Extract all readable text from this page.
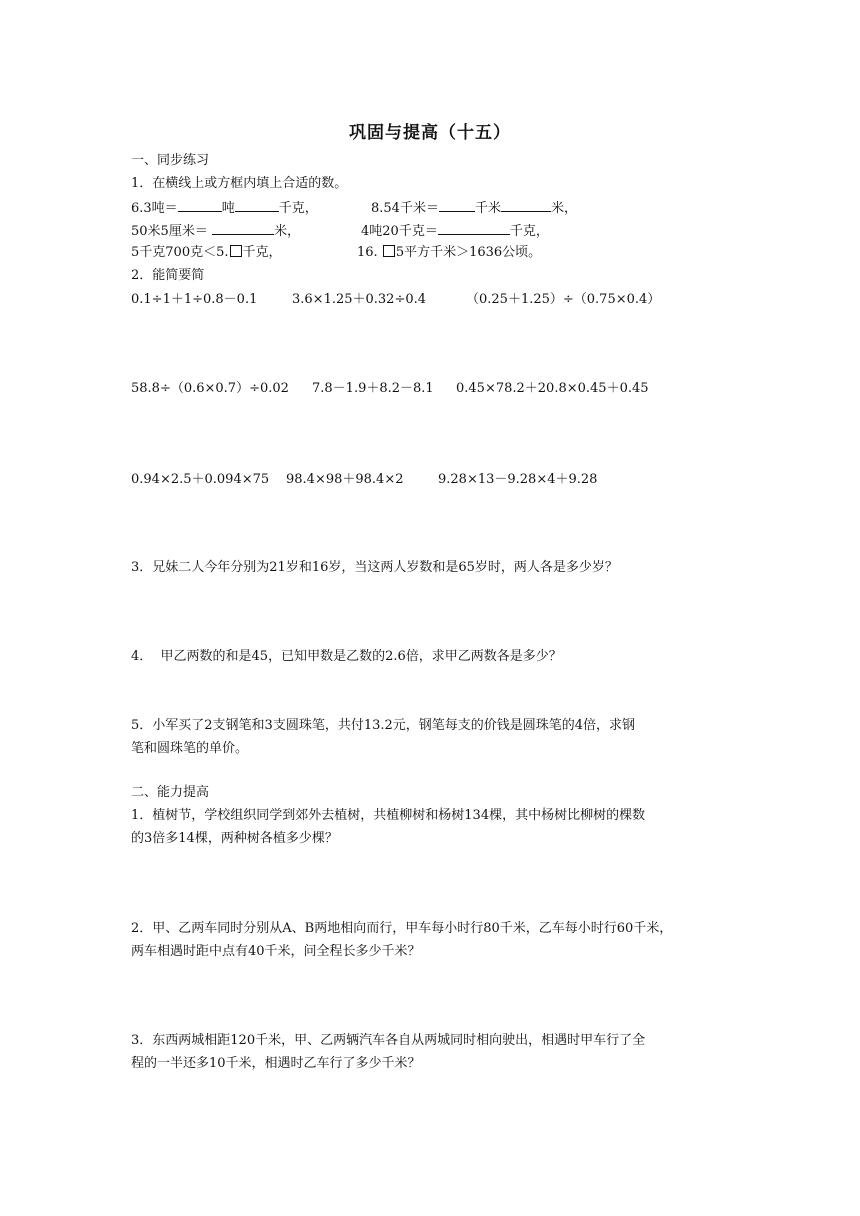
巩固与提高（十五）
一、同步练习
1．在横线上或方框内填上合适的数。
6.3吨＝	吨	千克，	8.54千米＝	千米	米，
50米5厘米＝	米，	4吨20千克＝	千克，
5千克700克＜5. 千克，	16. 5平方千米＞1636公顷。
2．能简要简
0.1÷1＋1÷0.8－0.1	3.6×1.25＋0.32÷0.4	（0.25＋1.25）÷（0.75×0.4）
58.8÷（0.6×0.7）÷0.02 7.8－1.9＋8.2－8.1 0.45×78.2＋20.8×0.45＋0.45
0.94×2.5＋0.094×75 98.4×98＋98.4×2	9.28×13－9.28×4＋9.28
3．兄妹二人今年分别为21岁和16岁，当这两人岁数和是65岁时，两人各是多少岁？
4．  甲乙两数的和是45，已知甲数是乙数的2.6倍，求甲乙两数各是多少？
5．小军买了2支钢笔和3支圆珠笔，共付13.2元，钢笔每支的价钱是圆珠笔的4倍，求钢
笔和圆珠笔的单价。
二、能力提高
1．植树节，学校组织同学到郊外去植树，共植柳树和杨树134棵，其中杨树比柳树的棵数
的3倍多14棵，两种树各植多少棵？
2．甲、乙两车同时分别从A、B两地相向而行，甲车每小时行80千米，乙车每小时行60千米，
两车相遇时距中点有40千米，问全程长多少千米？
3．东西两城相距120千米，甲、乙两辆汽车各自从两城同时相向驶出，相遇时甲车行了全
程的一半还多10千米，相遇时乙车行了多少千米？
